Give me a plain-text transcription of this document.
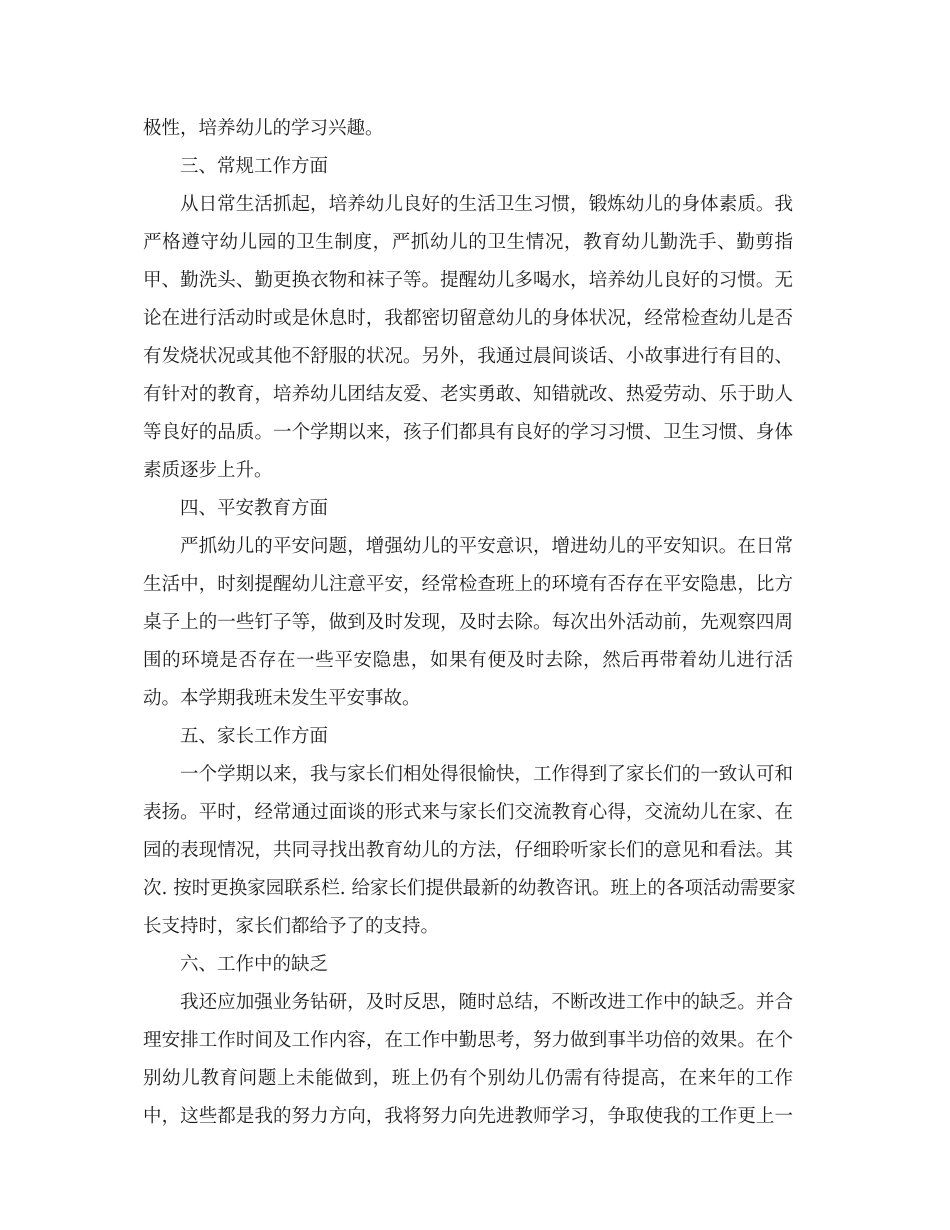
极性，培养幼儿的学习兴趣。
三、常规工作方面
从日常生活抓起，培养幼儿良好的生活卫生习惯，锻炼幼儿的身体素质。我
严格遵守幼儿园的卫生制度，严抓幼儿的卫生情况，教育幼儿勤洗手、勤剪指
甲、勤洗头、勤更换衣物和袜子等。提醒幼儿多喝水，培养幼儿良好的习惯。无
论在进行活动时或是休息时，我都密切留意幼儿的身体状况，经常检查幼儿是否
有发烧状况或其他不舒服的状况。另外，我通过晨间谈话、小故事进行有目的、
有针对的教育，培养幼儿团结友爱、老实勇敢、知错就改、热爱劳动、乐于助人
等良好的品质。一个学期以来，孩子们都具有良好的学习习惯、卫生习惯、身体
素质逐步上升。
四、平安教育方面
严抓幼儿的平安问题，增强幼儿的平安意识，增进幼儿的平安知识。在日常
生活中，时刻提醒幼儿注意平安，经常检查班上的环境有否存在平安隐患，比方
桌子上的一些钉子等，做到及时发现，及时去除。每次出外活动前，先观察四周
围的环境是否存在一些平安隐患，如果有便及时去除，然后再带着幼儿进行活
动。本学期我班未发生平安事故。
五、家长工作方面
一个学期以来，我与家长们相处得很愉快，工作得到了家长们的一致认可和
表扬。平时，经常通过面谈的形式来与家长们交流教育心得，交流幼儿在家、在
园的表现情况，共同寻找出教育幼儿的方法，仔细聆听家长们的意见和看法。其
次. 按时更换家园联系栏. 给家长们提供最新的幼教咨讯。班上的各项活动需要家
长支持时，家长们都给予了的支持。
六、工作中的缺乏
我还应加强业务钻研，及时反思，随时总结，不断改进工作中的缺乏。并合
理安排工作时间及工作内容，在工作中勤思考，努力做到事半功倍的效果。在个
别幼儿教育问题上未能做到，班上仍有个别幼儿仍需有待提高，在来年的工作
中，这些都是我的努力方向，我将努力向先进教师学习，争取使我的工作更上一
